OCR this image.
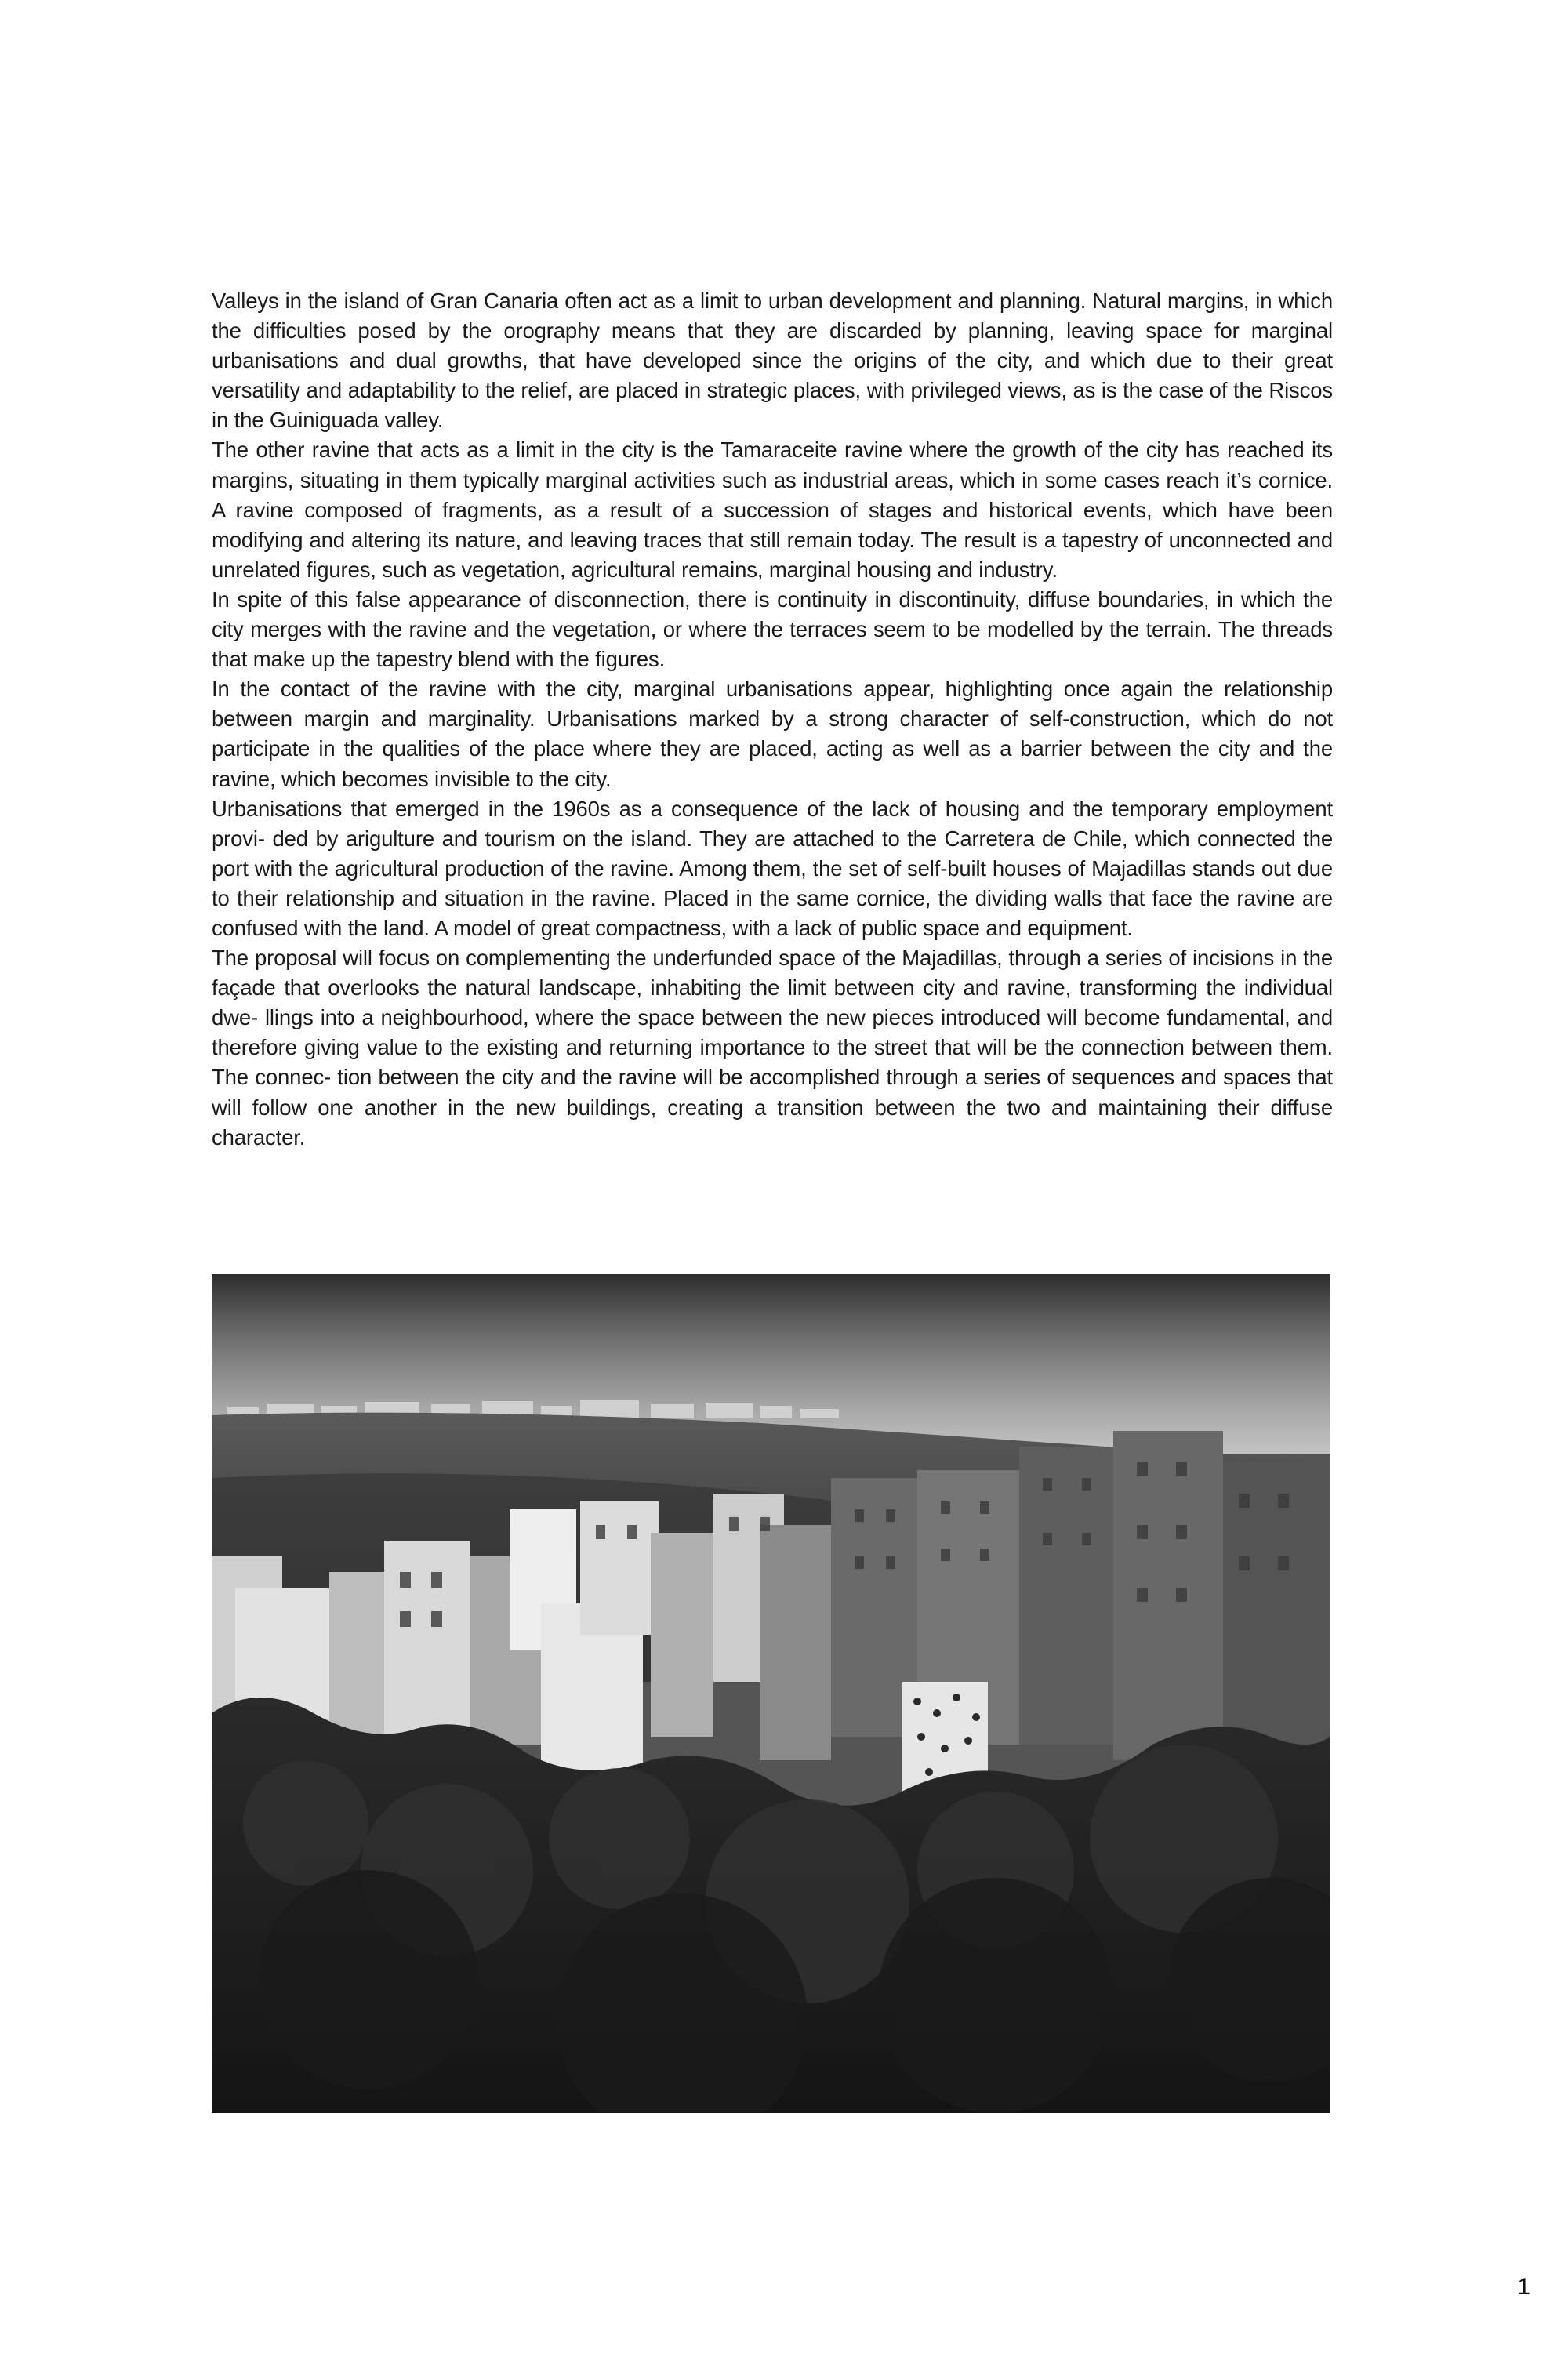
Valleys in the island of Gran Canaria often act as a limit to urban development and planning. Natural margins, in which the difficulties posed by the orography means that they are discarded by planning, leaving space for marginal urbanisations and dual growths, that have developed since the origins of the city, and which due to their great versatility and adaptability to the relief, are placed in strategic places, with privileged views, as is the case of the Riscos in the Guiniguada valley.

The other ravine that acts as a limit in the city is the Tamaraceite ravine where the growth of the city has reached its margins, situating in them typically marginal activities such as industrial areas, which in some cases reach it’s cornice. A ravine composed of fragments, as a result of a succession of stages and historical events, which have been modifying and altering its nature, and leaving traces that still remain today. The result is a tapestry of unconnected and unrelated figures, such as vegetation, agricultural remains, marginal housing and industry.

In spite of this false appearance of disconnection, there is continuity in discontinuity, diffuse boundaries, in which the city merges with the ravine and the vegetation, or where the terraces seem to be modelled by the terrain. The threads that make up the tapestry blend with the figures.

In the contact of the ravine with the city, marginal urbanisations appear, highlighting once again the relationship between margin and marginality. Urbanisations marked by a strong character of self-construction, which do not participate in the qualities of the place where they are placed, acting as well as a barrier between the city and the ravine, which becomes invisible to the city.

Urbanisations that emerged in the 1960s as a consequence of the lack of housing and the temporary employment provi- ded by arigulture and tourism on the island. They are attached to the Carretera de Chile, which connected the port with the agricultural production of the ravine. Among them, the set of self-built houses of Majadillas stands out due to their relationship and situation in the ravine. Placed in the same cornice, the dividing walls that face the ravine are confused with the land. A model of great compactness, with a lack of public space and equipment.

The proposal will focus on complementing the underfunded space of the Majadillas, through a series of incisions in the façade that overlooks the natural landscape, inhabiting the limit between city and ravine, transforming the individual dwe- llings into a neighbourhood, where the space between the new pieces introduced will become fundamental, and therefore giving value to the existing and returning importance to the street that will be the connection between them. The connec- tion between the city and the ravine will be accomplished through a series of sequences and spaces that will follow one another in the new buildings, creating a transition between the two and maintaining their diffuse character.

1
